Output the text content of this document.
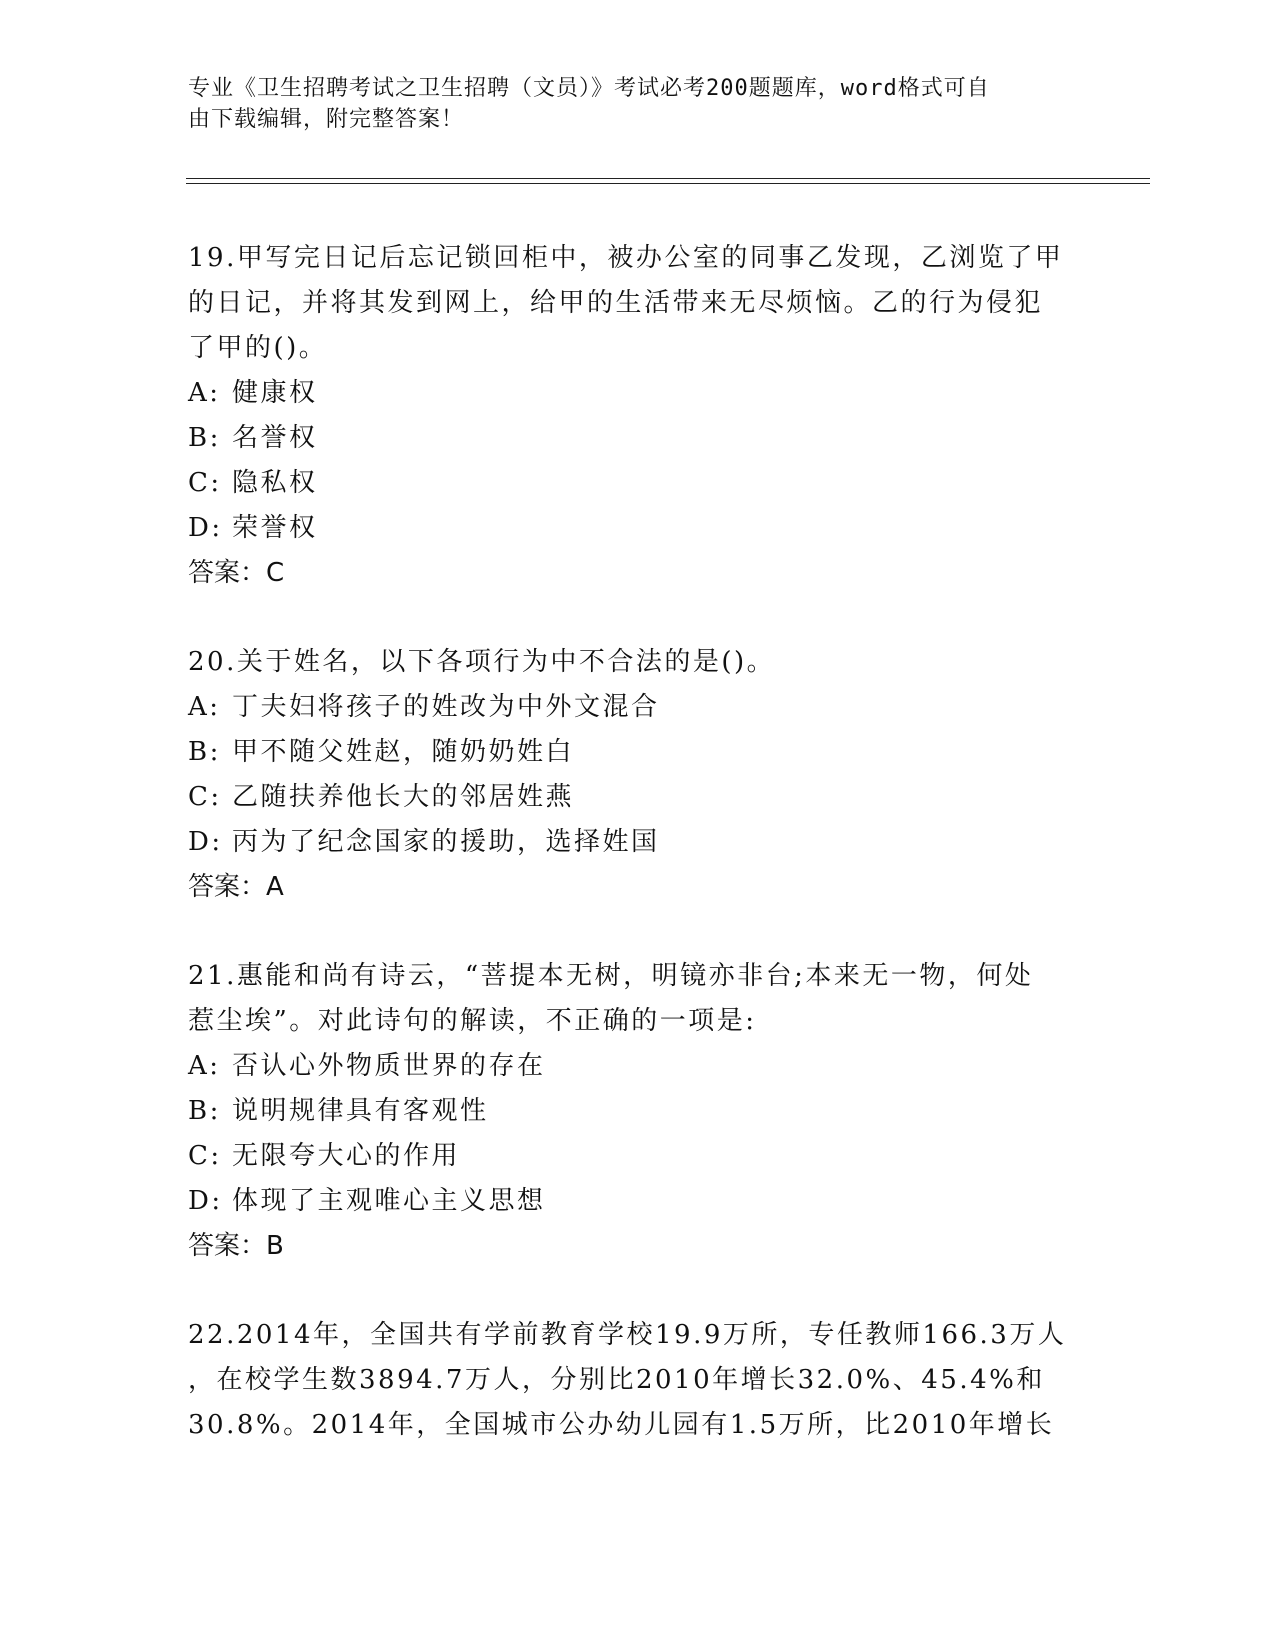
专业《卫生招聘考试之卫生招聘（文员）》考试必考200题题库，word格式可自
由下载编辑，附完整答案！

19.甲写完日记后忘记锁回柜中，被办公室的同事乙发现，乙浏览了甲

的日记，并将其发到网上，给甲的生活带来无尽烦恼。乙的行为侵犯

了甲的()。

A: 健康权

B: 名誉权

C: 隐私权

D: 荣誉权

答案：C

20.关于姓名，以下各项行为中不合法的是()。

A: 丁夫妇将孩子的姓改为中外文混合

B: 甲不随父姓赵，随奶奶姓白

C: 乙随扶养他长大的邻居姓燕

D: 丙为了纪念国家的援助，选择姓国

答案：A

21.惠能和尚有诗云，“菩提本无树，明镜亦非台;本来无一物，何处

惹尘埃”。对此诗句的解读，不正确的一项是:

A: 否认心外物质世界的存在

B: 说明规律具有客观性

C: 无限夸大心的作用

D: 体现了主观唯心主义思想

答案：B

22.2014年，全国共有学前教育学校19.9万所，专任教师166.3万人

，在校学生数3894.7万人，分别比2010年增长32.0%、45.4%和

30.8%。2014年，全国城市公办幼儿园有1.5万所，比2010年增长
